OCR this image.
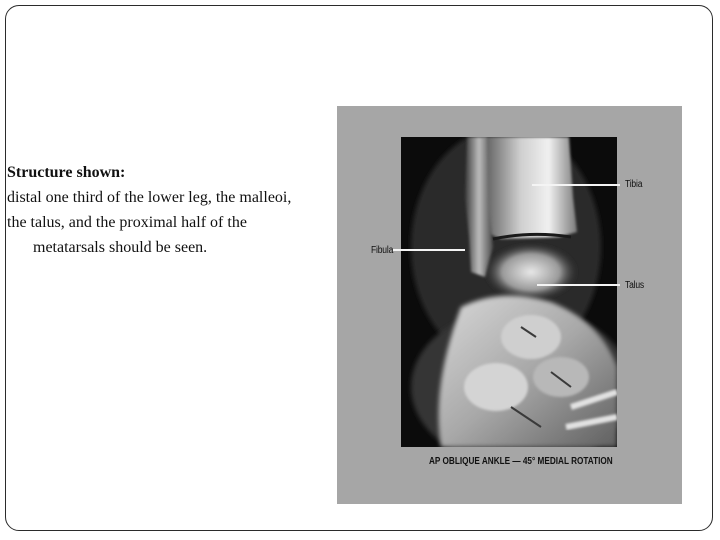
Structure shown:

distal one third of the lower leg, the malleoi,

the talus, and the proximal half of the

metatarsals should be seen.

Tibia
Fibula
Talus
AP OBLIQUE ANKLE — 45° MEDIAL ROTATION
